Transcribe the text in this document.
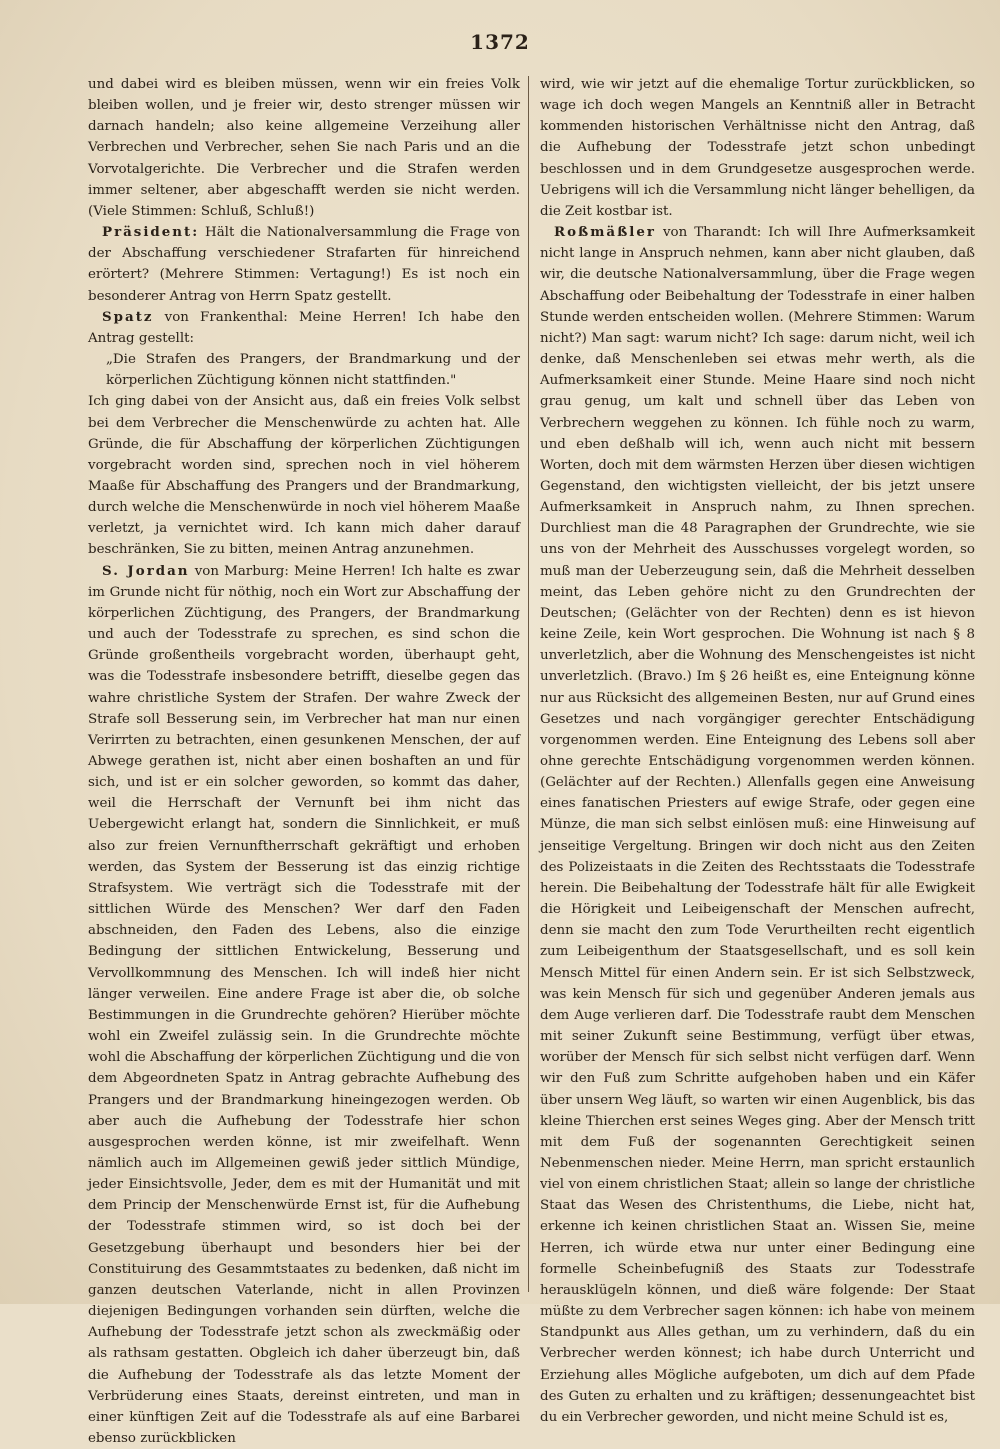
1372

und dabei wird es bleiben müssen, wenn wir ein freies Volk bleiben wollen, und je freier wir, desto strenger müssen wir darnach handeln; also keine allgemeine Verzeihung aller Verbrechen und Verbrecher, sehen Sie nach Paris und an die Vorvotalgerichte. Die Verbrecher und die Strafen werden immer seltener, aber abgeschafft werden sie nicht werden. (Viele Stimmen: Schluß, Schluß!)

Präsident: Hält die Nationalversammlung die Frage von der Abschaffung verschiedener Strafarten für hinreichend erörtert? (Mehrere Stimmen: Vertagung!) Es ist noch ein besonderer Antrag von Herrn Spatz gestellt.

Spatz von Frankenthal: Meine Herren! Ich habe den Antrag gestellt:

„Die Strafen des Prangers, der Brandmarkung und der körperlichen Züchtigung können nicht stattfinden."

Ich ging dabei von der Ansicht aus, daß ein freies Volk selbst bei dem Verbrecher die Menschenwürde zu achten hat. Alle Gründe, die für Abschaffung der körperlichen Züchtigungen vorgebracht worden sind, sprechen noch in viel höherem Maaße für Abschaffung des Prangers und der Brandmarkung, durch welche die Menschenwürde in noch viel höherem Maaße verletzt, ja vernichtet wird. Ich kann mich daher darauf beschränken, Sie zu bitten, meinen Antrag anzunehmen.

S. Jordan von Marburg: Meine Herren! Ich halte es zwar im Grunde nicht für nöthig, noch ein Wort zur Abschaffung der körperlichen Züchtigung, des Prangers, der Brandmarkung und auch der Todesstrafe zu sprechen, es sind schon die Gründe großentheils vorgebracht worden, überhaupt geht, was die Todesstrafe insbesondere betrifft, dieselbe gegen das wahre christliche System der Strafen. Der wahre Zweck der Strafe soll Besserung sein, im Verbrecher hat man nur einen Verirrten zu betrachten, einen gesunkenen Menschen, der auf Abwege gerathen ist, nicht aber einen boshaften an und für sich, und ist er ein solcher geworden, so kommt das daher, weil die Herrschaft der Vernunft bei ihm nicht das Uebergewicht erlangt hat, sondern die Sinnlichkeit, er muß also zur freien Vernunftherrschaft gekräftigt und erhoben werden, das System der Besserung ist das einzig richtige Strafsystem. Wie verträgt sich die Todesstrafe mit der sittlichen Würde des Menschen? Wer darf den Faden abschneiden, den Faden des Lebens, also die einzige Bedingung der sittlichen Entwickelung, Besserung und Vervollkommnung des Menschen. Ich will indeß hier nicht länger verweilen. Eine andere Frage ist aber die, ob solche Bestimmungen in die Grundrechte gehören? Hierüber möchte wohl ein Zweifel zulässig sein. In die Grundrechte möchte wohl die Abschaffung der körperlichen Züchtigung und die von dem Abgeordneten Spatz in Antrag gebrachte Aufhebung des Prangers und der Brandmarkung hineingezogen werden. Ob aber auch die Aufhebung der Todesstrafe hier schon ausgesprochen werden könne, ist mir zweifelhaft. Wenn nämlich auch im Allgemeinen gewiß jeder sittlich Mündige, jeder Einsichtsvolle, Jeder, dem es mit der Humanität und mit dem Princip der Menschenwürde Ernst ist, für die Aufhebung der Todesstrafe stimmen wird, so ist doch bei der Gesetzgebung überhaupt und besonders hier bei der Constituirung des Gesammtstaates zu bedenken, daß nicht im ganzen deutschen Vaterlande, nicht in allen Provinzen diejenigen Bedingungen vorhanden sein dürften, welche die Aufhebung der Todesstrafe jetzt schon als zweckmäßig oder als rathsam gestatten. Obgleich ich daher überzeugt bin, daß die Aufhebung der Todesstrafe als das letzte Moment der Verbrüderung eines Staats, dereinst eintreten, und man in einer künftigen Zeit auf die Todesstrafe als auf eine Barbarei ebenso zurückblicken

wird, wie wir jetzt auf die ehemalige Tortur zurückblicken, so wage ich doch wegen Mangels an Kenntniß aller in Betracht kommenden historischen Verhältnisse nicht den Antrag, daß die Aufhebung der Todesstrafe jetzt schon unbedingt beschlossen und in dem Grundgesetze ausgesprochen werde. Uebrigens will ich die Versammlung nicht länger behelligen, da die Zeit kostbar ist.

Roßmäßler von Tharandt: Ich will Ihre Aufmerksamkeit nicht lange in Anspruch nehmen, kann aber nicht glauben, daß wir, die deutsche Nationalversammlung, über die Frage wegen Abschaffung oder Beibehaltung der Todesstrafe in einer halben Stunde werden entscheiden wollen. (Mehrere Stimmen: Warum nicht?) Man sagt: warum nicht? Ich sage: darum nicht, weil ich denke, daß Menschenleben sei etwas mehr werth, als die Aufmerksamkeit einer Stunde. Meine Haare sind noch nicht grau genug, um kalt und schnell über das Leben von Verbrechern weggehen zu können. Ich fühle noch zu warm, und eben deßhalb will ich, wenn auch nicht mit bessern Worten, doch mit dem wärmsten Herzen über diesen wichtigen Gegenstand, den wichtigsten vielleicht, der bis jetzt unsere Aufmerksamkeit in Anspruch nahm, zu Ihnen sprechen. Durchliest man die 48 Paragraphen der Grundrechte, wie sie uns von der Mehrheit des Ausschusses vorgelegt worden, so muß man der Ueberzeugung sein, daß die Mehrheit desselben meint, das Leben gehöre nicht zu den Grundrechten der Deutschen; (Gelächter von der Rechten) denn es ist hievon keine Zeile, kein Wort gesprochen. Die Wohnung ist nach § 8 unverletzlich, aber die Wohnung des Menschengeistes ist nicht unverletzlich. (Bravo.) Im § 26 heißt es, eine Enteignung könne nur aus Rücksicht des allgemeinen Besten, nur auf Grund eines Gesetzes und nach vorgängiger gerechter Entschädigung vorgenommen werden. Eine Enteignung des Lebens soll aber ohne gerechte Entschädigung vorgenommen werden können. (Gelächter auf der Rechten.) Allenfalls gegen eine Anweisung eines fanatischen Priesters auf ewige Strafe, oder gegen eine Münze, die man sich selbst einlösen muß: eine Hinweisung auf jenseitige Vergeltung. Bringen wir doch nicht aus den Zeiten des Polizeistaats in die Zeiten des Rechtsstaats die Todesstrafe herein. Die Beibehaltung der Todesstrafe hält für alle Ewigkeit die Hörigkeit und Leibeigenschaft der Menschen aufrecht, denn sie macht den zum Tode Verurtheilten recht eigentlich zum Leibeigenthum der Staatsgesellschaft, und es soll kein Mensch Mittel für einen Andern sein. Er ist sich Selbstzweck, was kein Mensch für sich und gegenüber Anderen jemals aus dem Auge verlieren darf. Die Todesstrafe raubt dem Menschen mit seiner Zukunft seine Bestimmung, verfügt über etwas, worüber der Mensch für sich selbst nicht verfügen darf. Wenn wir den Fuß zum Schritte aufgehoben haben und ein Käfer über unsern Weg läuft, so warten wir einen Augenblick, bis das kleine Thierchen erst seines Weges ging. Aber der Mensch tritt mit dem Fuß der sogenannten Gerechtigkeit seinen Nebenmenschen nieder. Meine Herrn, man spricht erstaunlich viel von einem christlichen Staat; allein so lange der christliche Staat das Wesen des Christenthums, die Liebe, nicht hat, erkenne ich keinen christlichen Staat an. Wissen Sie, meine Herren, ich würde etwa nur unter einer Bedingung eine formelle Scheinbefugniß des Staats zur Todesstrafe herausklügeln können, und dieß wäre folgende: Der Staat müßte zu dem Verbrecher sagen können: ich habe von meinem Standpunkt aus Alles gethan, um zu verhindern, daß du ein Verbrecher werden könnest; ich habe durch Unterricht und Erziehung alles Mögliche aufgeboten, um dich auf dem Pfade des Guten zu erhalten und zu kräftigen; dessenungeachtet bist du ein Verbrecher geworden, und nicht meine Schuld ist es,
